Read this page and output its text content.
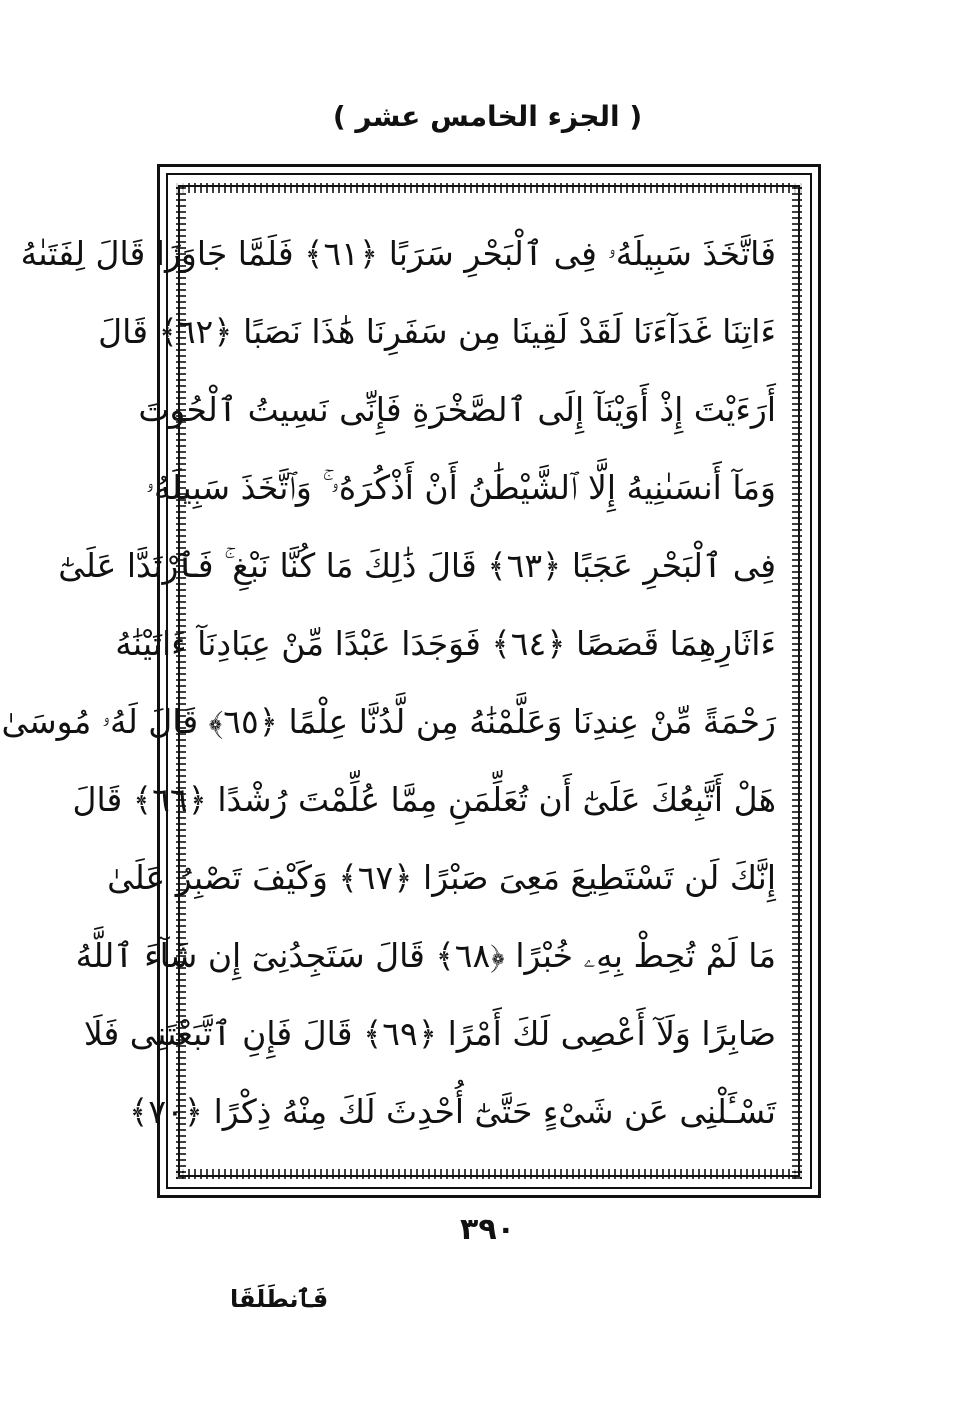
( الجزء الخامس عشر )
فَاتَّخَذَ سَبِيلَهُۥ فِى ٱلْبَحْرِ سَرَبًا ﴿٦١﴾ فَلَمَّا جَاوَزَا قَالَ لِفَتَىٰهُ
ءَاتِنَا غَدَآءَنَا لَقَدْ لَقِينَا مِن سَفَرِنَا هَٰذَا نَصَبًا ﴿٦٢﴾ قَالَ
أَرَءَيْتَ إِذْ أَوَيْنَآ إِلَى ٱلصَّخْرَةِ فَإِنِّى نَسِيتُ ٱلْحُوتَ
وَمَآ أَنسَىٰنِيهُ إِلَّا ٱلشَّيْطَٰنُ أَنْ أَذْكُرَهُۥ ۚ وَٱتَّخَذَ سَبِيلَهُۥ
فِى ٱلْبَحْرِ عَجَبًا ﴿٦٣﴾ قَالَ ذَٰلِكَ مَا كُنَّا نَبْغِ ۚ فَٱرْتَدَّا عَلَىٰٓ
ءَاثَارِهِمَا قَصَصًا ﴿٦٤﴾ فَوَجَدَا عَبْدًا مِّنْ عِبَادِنَآ ءَاتَيْنَٰهُ
رَحْمَةً مِّنْ عِندِنَا وَعَلَّمْنَٰهُ مِن لَّدُنَّا عِلْمًا ﴿٦٥﴾ قَالَ لَهُۥ مُوسَىٰ
هَلْ أَتَّبِعُكَ عَلَىٰٓ أَن تُعَلِّمَنِ مِمَّا عُلِّمْتَ رُشْدًا ﴿٦٦﴾ قَالَ
إِنَّكَ لَن تَسْتَطِيعَ مَعِىَ صَبْرًا ﴿٦٧﴾ وَكَيْفَ تَصْبِرُ عَلَىٰ
مَا لَمْ تُحِطْ بِهِۦ خُبْرًا ﴿٦٨﴾ قَالَ سَتَجِدُنِىٓ إِن شَآءَ ٱللَّهُ
صَابِرًا وَلَآ أَعْصِى لَكَ أَمْرًا ﴿٦٩﴾ قَالَ فَإِنِ ٱتَّبَعْتَنِى فَلَا
تَسْـَٔلْنِى عَن شَىْءٍ حَتَّىٰٓ أُحْدِثَ لَكَ مِنْهُ ذِكْرًا ﴿٧٠﴾
٣٩٠
فَٱنطَلَقَا
